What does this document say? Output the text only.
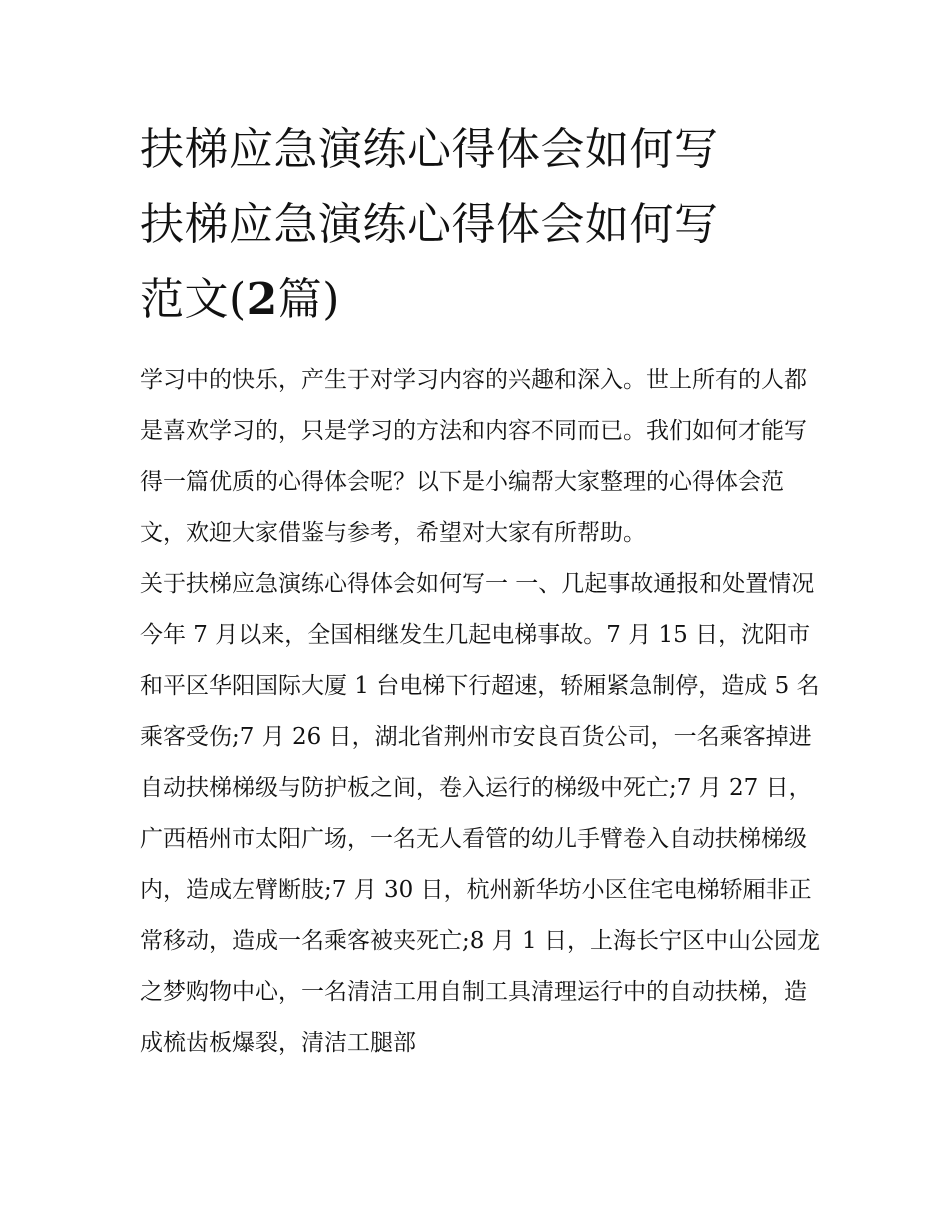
扶梯应急演练心得体会如何写
扶梯应急演练心得体会如何写
范文(2篇)

学习中的快乐，产生于对学习内容的兴趣和深入。世上所有的人都是喜欢学习的，只是学习的方法和内容不同而已。我们如何才能写得一篇优质的心得体会呢？以下是小编帮大家整理的心得体会范文，欢迎大家借鉴与参考，希望对大家有所帮助。

关于扶梯应急演练心得体会如何写一 一、几起事故通报和处置情况

今年 7 月以来，全国相继发生几起电梯事故。7 月 15 日，沈阳市和平区华阳国际大厦 1 台电梯下行超速，轿厢紧急制停，造成 5 名乘客受伤;7 月 26 日，湖北省荆州市安良百货公司，一名乘客掉进自动扶梯梯级与防护板之间，卷入运行的梯级中死亡;7 月 27 日，广西梧州市太阳广场，一名无人看管的幼儿手臂卷入自动扶梯梯级内，造成左臂断肢;7 月 30 日，杭州新华坊小区住宅电梯轿厢非正常移动，造成一名乘客被夹死亡;8 月 1 日，上海长宁区中山公园龙之梦购物中心，一名清洁工用自制工具清理运行中的自动扶梯，造成梳齿板爆裂，清洁工腿部
